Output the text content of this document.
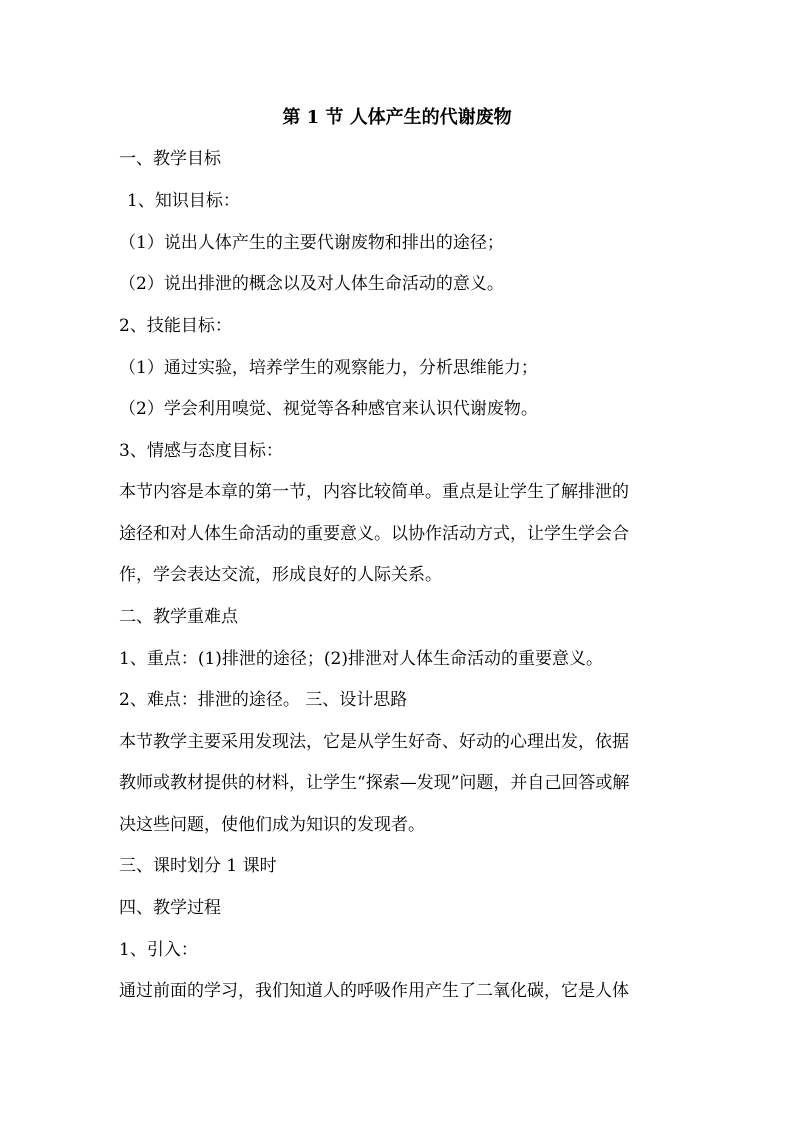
第 1 节 人体产生的代谢废物
一、教学目标
1、知识目标：
（1）说出人体产生的主要代谢废物和排出的途径；
（2）说出排泄的概念以及对人体生命活动的意义。
2、技能目标：
（1）通过实验，培养学生的观察能力，分析思维能力；
（2）学会利用嗅觉、视觉等各种感官来认识代谢废物。
3、情感与态度目标：
本节内容是本章的第一节，内容比较简单。重点是让学生了解排泄的
途径和对人体生命活动的重要意义。以协作活动方式，让学生学会合
作，学会表达交流，形成良好的人际关系。
二、教学重难点
1、重点：(1)排泄的途径；(2)排泄对人体生命活动的重要意义。
2、难点：排泄的途径。 三、设计思路
本节教学主要采用发现法，它是从学生好奇、好动的心理出发，依据
教师或教材提供的材料，让学生“探索—发现”问题，并自己回答或解
决这些问题，使他们成为知识的发现者。
三、课时划分 1 课时
四、教学过程
1、引入：
通过前面的学习，我们知道人的呼吸作用产生了二氧化碳，它是人体
